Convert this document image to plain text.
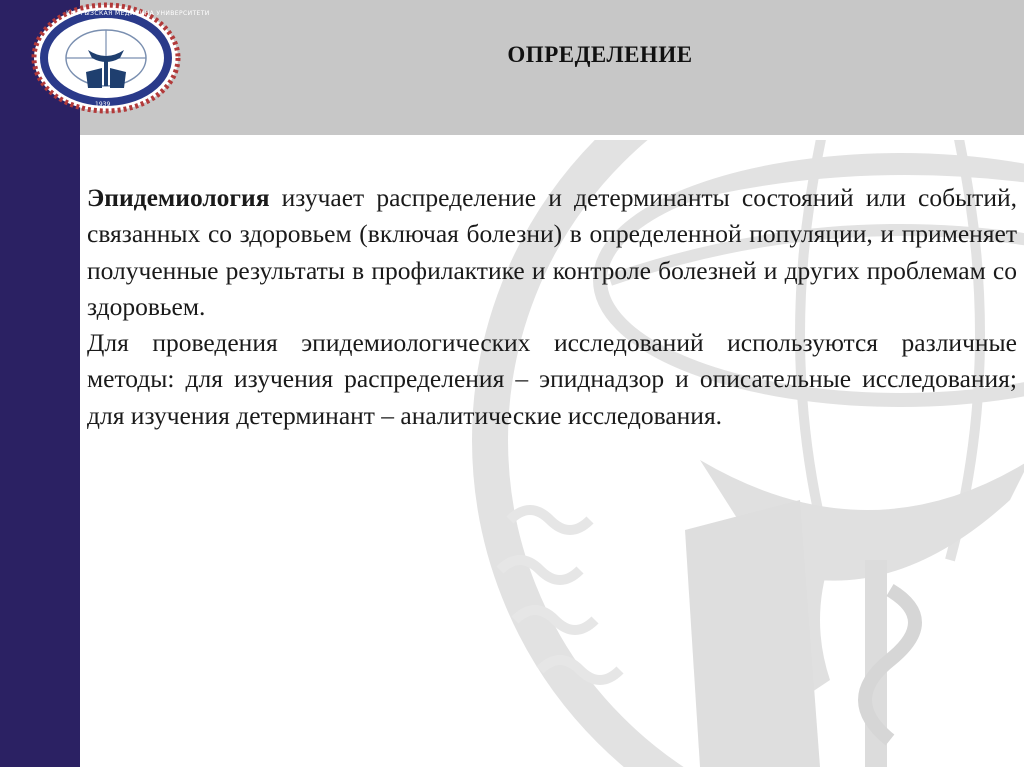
КЫРГЫЗСКАЯ МЕДИЦИНА УНИВЕРСИТЕТИ
1939
ОПРЕДЕЛЕНИЕ

Эпидемиология изучает распределение и детерминанты состояний или событий, связанных со здоровьем (включая болезни) в определенной популяции, и применяет полученные результаты в профилактике и контроле болезней и других проблемам со здоровьем.

Для проведения эпидемиологических исследований используются различные методы: для изучения распределения – эпиднадзор и описательные исследования; для изучения детерминант – аналитические исследования.
